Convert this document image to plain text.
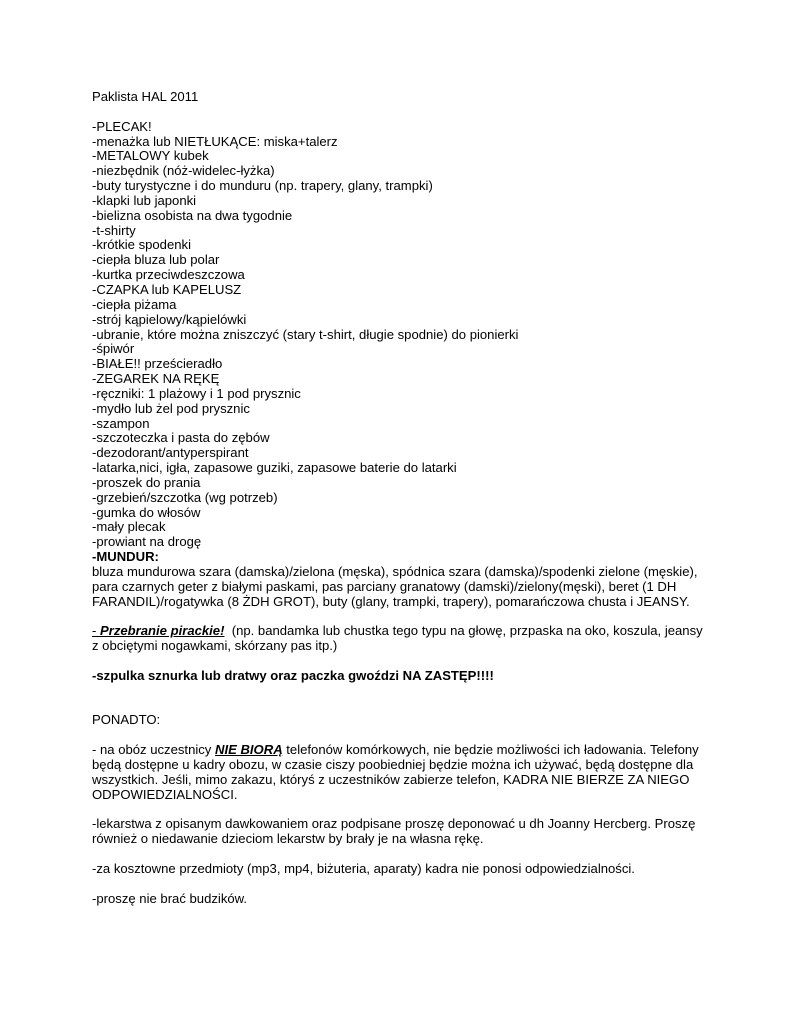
Paklista HAL 2011
-PLECAK!
-menażka lub NIETŁUKĄCE: miska+talerz
-METALOWY kubek
-niezbędnik (nóż-widelec-łyżka)
-buty turystyczne i do munduru (np. trapery, glany, trampki)
-klapki lub japonki
-bielizna osobista na dwa tygodnie
-t-shirty
-krótkie spodenki
-ciepła bluza lub polar
-kurtka przeciwdeszczowa
-CZAPKA lub KAPELUSZ
-ciepła piżama
-strój kąpielowy/kąpielówki
-ubranie, które można zniszczyć (stary t-shirt, długie spodnie) do pionierki
-śpiwór
-BIAŁE!! prześcieradło
-ZEGAREK NA RĘKĘ
-ręczniki: 1 plażowy i 1 pod prysznic
-mydło lub żel pod prysznic
-szampon
-szczoteczka i pasta do zębów
-dezodorant/antyperspirant
-latarka,nici, igła, zapasowe guziki, zapasowe baterie do latarki
-proszek do prania
-grzebień/szczotka (wg potrzeb)
-gumka do włosów
-mały plecak
-prowiant na drogę
-MUNDUR:
bluza mundurowa szara (damska)/zielona (męska), spódnica szara (damska)/spodenki zielone (męskie),
para czarnych geter z białymi paskami, pas parciany granatowy (damski)/zielony(męski), beret (1 DH
FARANDIL)/rogatywka (8 ŻDH GROT), buty (glany, trampki, trapery), pomarańczowa chusta i JEANSY.
- Przebranie pirackie!  (np. bandamka lub chustka tego typu na głowę, przpaska na oko, koszula, jeansy
z obciętymi nogawkami, skórzany pas itp.)
-szpulka sznurka lub dratwy oraz paczka gwoździ NA ZASTĘP!!!!
PONADTO:
- na obóz uczestnicy NIE BIORĄ telefonów komórkowych, nie będzie możliwości ich ładowania. Telefony
będą dostępne u kadry obozu, w czasie ciszy poobiedniej będzie można ich używać, będą dostępne dla
wszystkich. Jeśli, mimo zakazu, któryś z uczestników zabierze telefon, KADRA NIE BIERZE ZA NIEGO
ODPOWIEDZIALNOŚCI.
-lekarstwa z opisanym dawkowaniem oraz podpisane proszę deponować u dh Joanny Hercberg. Proszę
również o niedawanie dzieciom lekarstw by brały je na własna rękę.
-za kosztowne przedmioty (mp3, mp4, biżuteria, aparaty) kadra nie ponosi odpowiedzialności.
-proszę nie brać budzików.
